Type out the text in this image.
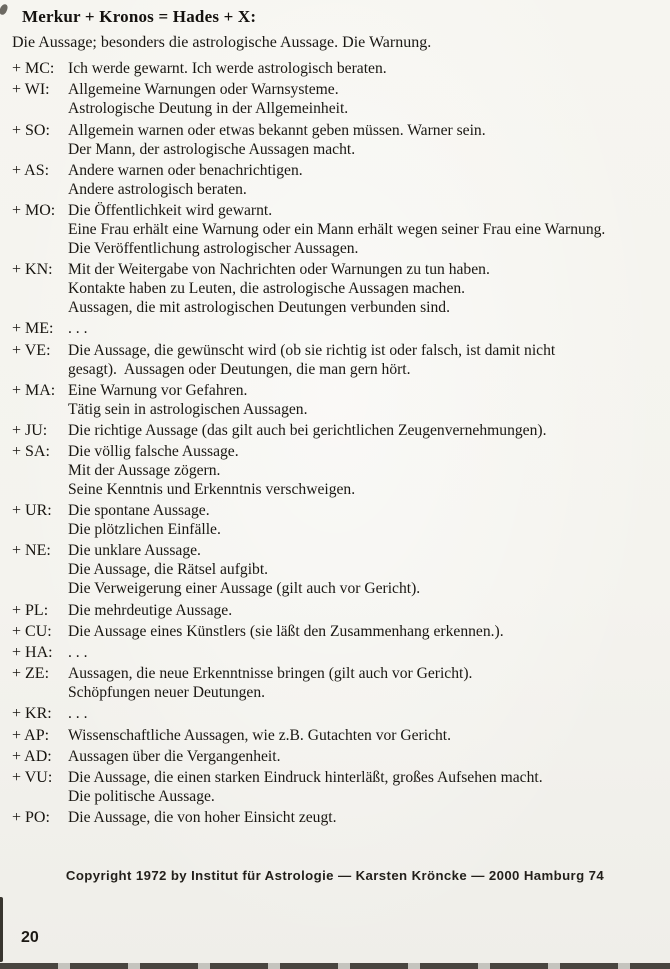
Merkur + Kronos = Hades + X:
Die Aussage; besonders die astrologische Aussage. Die Warnung.
+ MC: Ich werde gewarnt. Ich werde astrologisch beraten.
+ WI:	Allgemeine Warnungen oder Warnsysteme.
Astrologische Deutung in der Allgemeinheit.
+ SO:	Allgemein warnen oder etwas bekannt geben müssen. Warner sein.
Der Mann, der astrologische Aussagen macht.
+ AS:	Andere warnen oder benachrichtigen.
Andere astrologisch beraten.
+ MO: Die Öffentlichkeit wird gewarnt.
Eine Frau erhält eine Warnung oder ein Mann erhält wegen seiner Frau eine Warnung.
Die Veröffentlichung astrologischer Aussagen.
+ KN: Mit der Weitergabe von Nachrichten oder Warnungen zu tun haben.
Kontakte haben zu Leuten, die astrologische Aussagen machen.
Aussagen, die mit astrologischen Deutungen verbunden sind.
+ ME: . . .
+ VE:	Die Aussage, die gewünscht wird (ob sie richtig ist oder falsch, ist damit nicht
gesagt).  Aussagen oder Deutungen, die man gern hört.
+ MA: Eine Warnung vor Gefahren.
Tätig sein in astrologischen Aussagen.
+ JU:	Die richtige Aussage (das gilt auch bei gerichtlichen Zeugenvernehmungen).
+ SA:	Die völlig falsche Aussage.
Mit der Aussage zögern.
Seine Kenntnis und Erkenntnis verschweigen.
+ UR:	Die spontane Aussage.
Die plötzlichen Einfälle.
+ NE:	Die unklare Aussage.
Die Aussage, die Rätsel aufgibt.
Die Verweigerung einer Aussage (gilt auch vor Gericht).
+ PL:	Die mehrdeutige Aussage.
+ CU:	Die Aussage eines Künstlers (sie läßt den Zusammenhang erkennen.).
+ HA: . . .
+ ZE:	Aussagen, die neue Erkenntnisse bringen (gilt auch vor Gericht).
Schöpfungen neuer Deutungen.
+ KR:	. . .
+ AP:	Wissenschaftliche Aussagen, wie z.B. Gutachten vor Gericht.
+ AD:	Aussagen über die Vergangenheit.
+ VU:	Die Aussage, die einen starken Eindruck hinterläßt, großes Aufsehen macht.
Die politische Aussage.
+ PO:	Die Aussage, die von hoher Einsicht zeugt.
Copyright 1972 by Institut für Astrologie — Karsten Kröncke — 2000 Hamburg 74
20
